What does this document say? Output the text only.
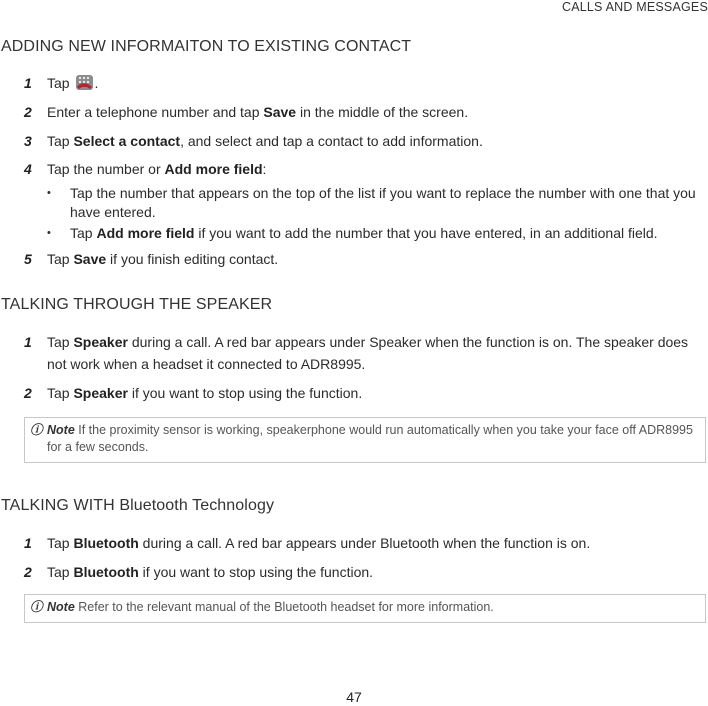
CALLS AND MESSAGES
ADDING NEW INFORMAITON TO EXISTING CONTACT
1 Tap .
2 Enter a telephone number and tap Save in the middle of the screen.
3 Tap Select a contact, and select and tap a contact to add information.
4 Tap the number or Add more field:
• Tap the number that appears on the top of the list if you want to replace the number with one that you have entered.
• Tap Add more field if you want to add the number that you have entered, in an additional field.
5 Tap Save if you finish editing contact.
TALKING THROUGH THE SPEAKER
1 Tap Speaker during a call. A red bar appears under Speaker when the function is on. The speaker does not work when a headset it connected to ADR8995.
2 Tap Speaker if you want to stop using the function.
ⓘ Note If the proximity sensor is working, speakerphone would run automatically when you take your face off ADR8995 for a few seconds.
TALKING WITH Bluetooth Technology
1 Tap Bluetooth during a call. A red bar appears under Bluetooth when the function is on.
2 Tap Bluetooth if you want to stop using the function.
ⓘ Note Refer to the relevant manual of the Bluetooth headset for more information.
47
